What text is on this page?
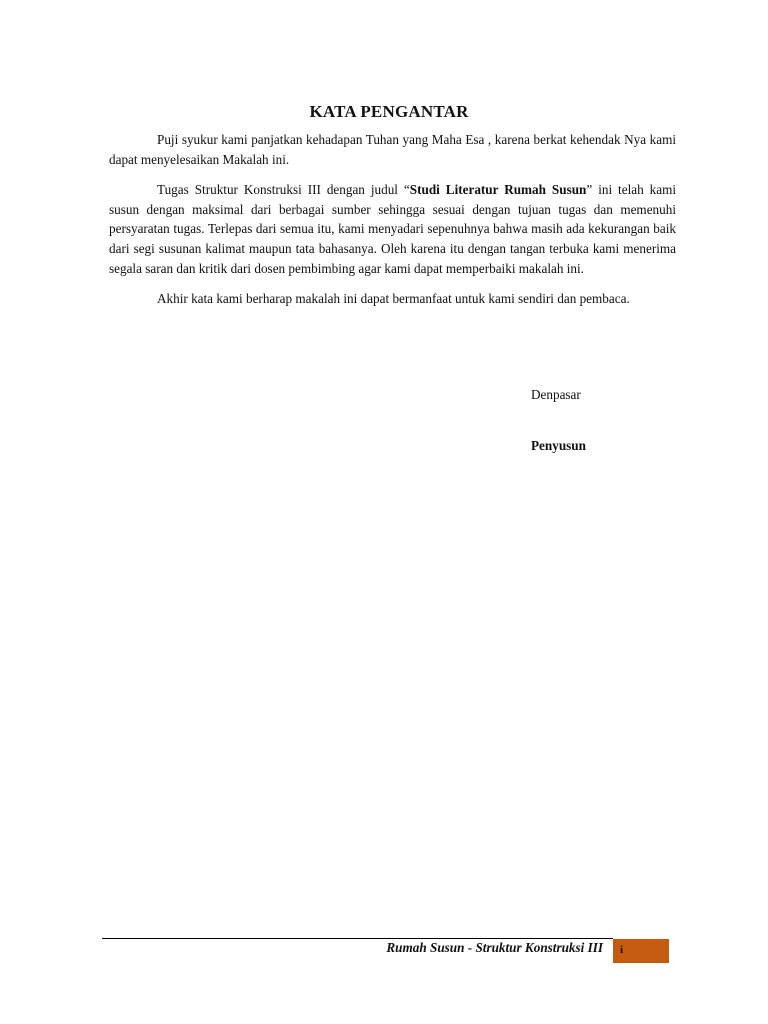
KATA PENGANTAR

Puji syukur kami panjatkan kehadapan Tuhan yang Maha Esa , karena berkat kehendak Nya kami dapat menyelesaikan Makalah ini.

Tugas Struktur Konstruksi III dengan judul “Studi Literatur Rumah Susun” ini telah kami susun dengan maksimal dari berbagai sumber sehingga sesuai dengan tujuan tugas dan memenuhi persyaratan tugas. Terlepas dari semua itu, kami menyadari sepenuhnya bahwa masih ada kekurangan baik dari segi susunan kalimat maupun tata bahasanya. Oleh karena itu dengan tangan terbuka kami menerima segala saran dan kritik dari dosen pembimbing agar kami dapat memperbaiki makalah ini.

Akhir kata kami berharap makalah ini dapat bermanfaat untuk kami sendiri dan pembaca.

Denpasar
Penyusun
Rumah Susun - Struktur Konstruksi III i
